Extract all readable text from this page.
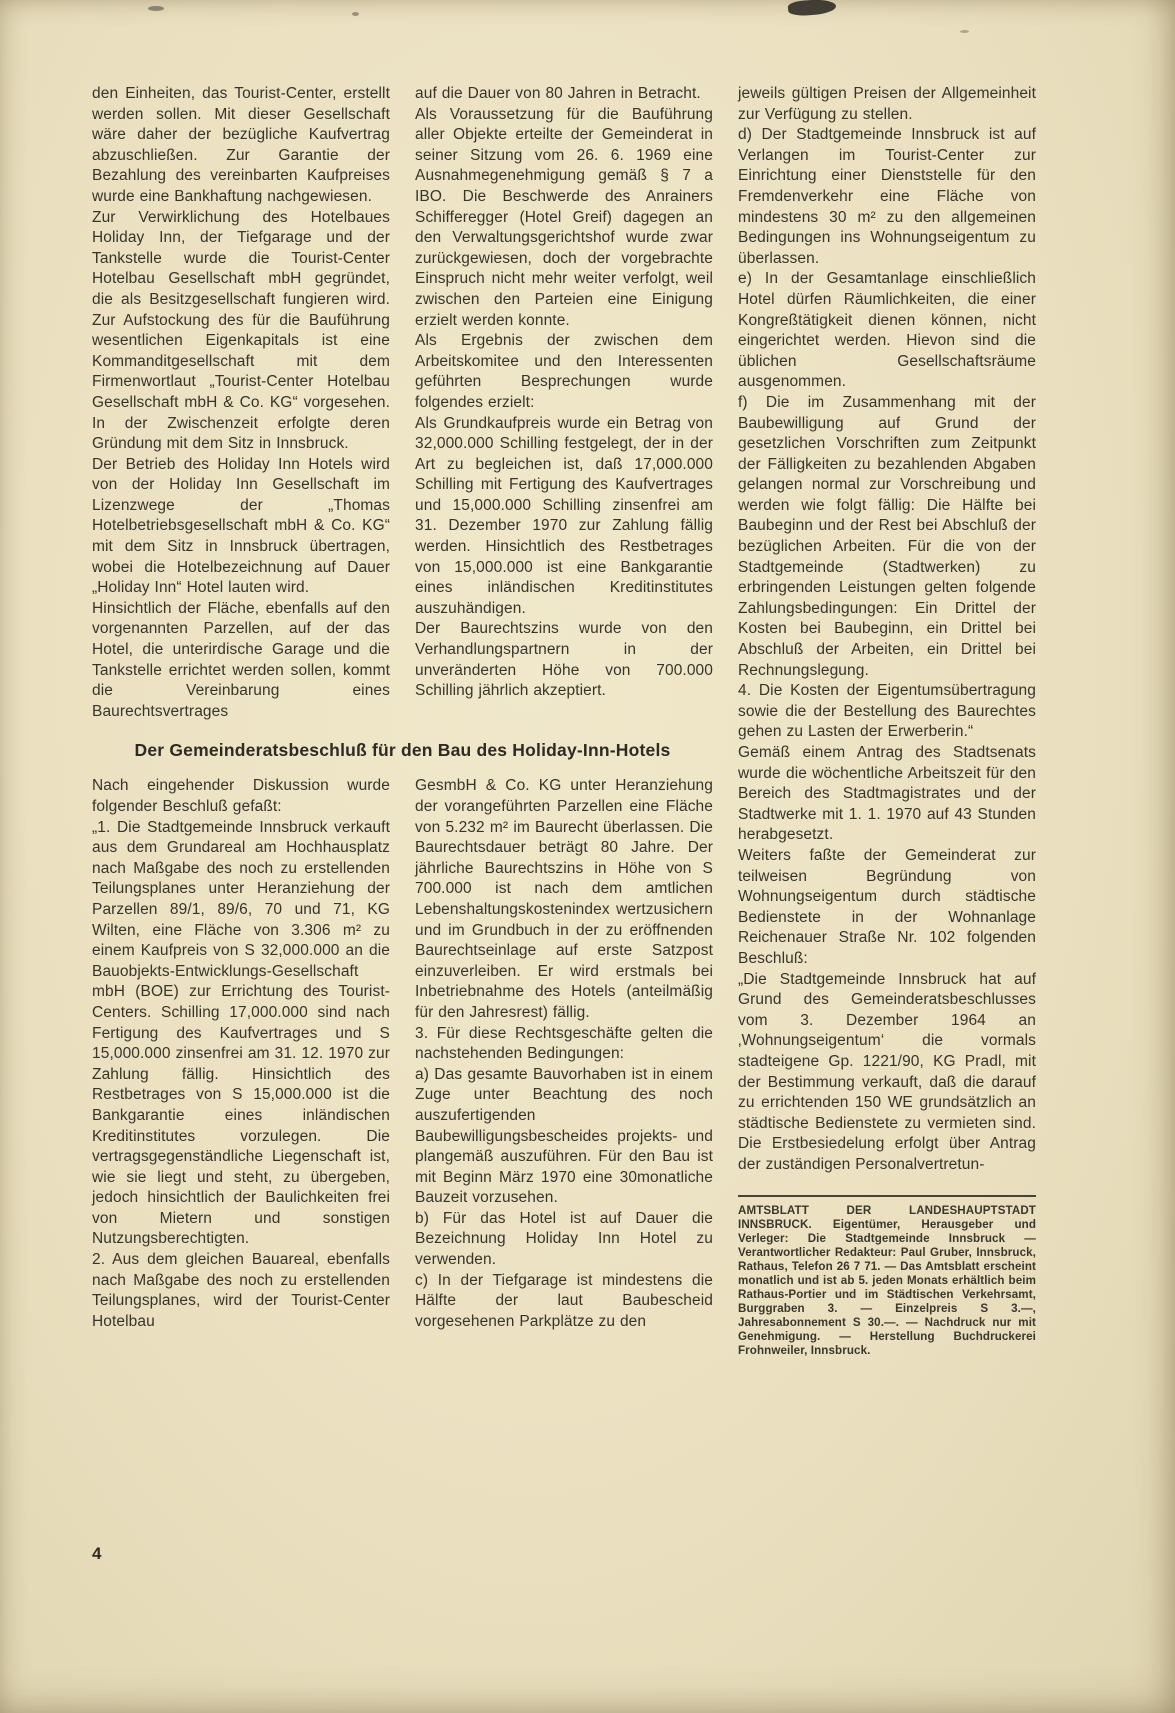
den Einheiten, das Tourist-Center, erstellt werden sollen. Mit dieser Gesellschaft wäre daher der bezügliche Kaufvertrag abzuschließen. Zur Garantie der Bezahlung des vereinbarten Kaufpreises wurde eine Bankhaftung nachgewiesen.

Zur Verwirklichung des Hotelbaues Holiday Inn, der Tiefgarage und der Tankstelle wurde die Tourist-Center Hotelbau Gesellschaft mbH gegründet, die als Besitzgesellschaft fungieren wird. Zur Aufstockung des für die Bauführung wesentlichen Eigenkapitals ist eine Kommanditgesellschaft mit dem Firmenwortlaut „Tourist-Center Hotelbau Gesellschaft mbH & Co. KG“ vorgesehen. In der Zwischenzeit erfolgte deren Gründung mit dem Sitz in Innsbruck.

Der Betrieb des Holiday Inn Hotels wird von der Holiday Inn Gesellschaft im Lizenzwege der „Thomas Hotelbetriebsgesellschaft mbH & Co. KG“ mit dem Sitz in Innsbruck übertragen, wobei die Hotelbezeichnung auf Dauer „Holiday Inn“ Hotel lauten wird.

Hinsichtlich der Fläche, ebenfalls auf den vorgenannten Parzellen, auf der das Hotel, die unterirdische Garage und die Tankstelle errichtet werden sollen, kommt die Vereinbarung eines Baurechtsvertrages

auf die Dauer von 80 Jahren in Betracht.

Als Voraussetzung für die Bauführung aller Objekte erteilte der Gemeinderat in seiner Sitzung vom 26. 6. 1969 eine Ausnahmegenehmigung gemäß § 7 a IBO. Die Beschwerde des Anrainers Schifferegger (Hotel Greif) dagegen an den Verwaltungsgerichtshof wurde zwar zurückgewiesen, doch der vorgebrachte Einspruch nicht mehr weiter verfolgt, weil zwischen den Parteien eine Einigung erzielt werden konnte.

Als Ergebnis der zwischen dem Arbeitskomitee und den Interessenten geführten Besprechungen wurde folgendes erzielt:

Als Grundkaufpreis wurde ein Betrag von 32,000.000 Schilling festgelegt, der in der Art zu begleichen ist, daß 17,000.000 Schilling mit Fertigung des Kaufvertrages und 15,000.000 Schilling zinsenfrei am 31. Dezember 1970 zur Zahlung fällig werden. Hinsichtlich des Restbetrages von 15,000.000 ist eine Bankgarantie eines inländischen Kreditinstitutes auszuhändigen.

Der Baurechtszins wurde von den Verhandlungspartnern in der unveränderten Höhe von 700.000 Schilling jährlich akzeptiert.

Der Gemeinderatsbeschluß für den Bau des Holiday-Inn-Hotels

Nach eingehender Diskussion wurde folgender Beschluß gefaßt:

„1. Die Stadtgemeinde Innsbruck verkauft aus dem Grundareal am Hochhausplatz nach Maßgabe des noch zu erstellenden Teilungsplanes unter Heranziehung der Parzellen 89/1, 89/6, 70 und 71, KG Wilten, eine Fläche von 3.306 m² zu einem Kaufpreis von S 32,000.000 an die Bauobjekts-Entwicklungs-Gesellschaft mbH (BOE) zur Errichtung des Tourist-Centers. Schilling 17,000.000 sind nach Fertigung des Kaufvertrages und S 15,000.000 zinsenfrei am 31. 12. 1970 zur Zahlung fällig. Hinsichtlich des Restbetrages von S 15,000.000 ist die Bankgarantie eines inländischen Kreditinstitutes vorzulegen. Die vertragsgegenständliche Liegenschaft ist, wie sie liegt und steht, zu übergeben, jedoch hinsichtlich der Baulichkeiten frei von Mietern und sonstigen Nutzungsberechtigten.

2. Aus dem gleichen Bauareal, ebenfalls nach Maßgabe des noch zu erstellenden Teilungsplanes, wird der Tourist-Center Hotelbau

GesmbH & Co. KG unter Heranziehung der vorangeführten Parzellen eine Fläche von 5.232 m² im Baurecht überlassen. Die Baurechtsdauer beträgt 80 Jahre. Der jährliche Baurechtszins in Höhe von S 700.000 ist nach dem amtlichen Lebenshaltungskostenindex wertzusichern und im Grundbuch in der zu eröffnenden Baurechtseinlage auf erste Satzpost einzuverleiben. Er wird erstmals bei Inbetriebnahme des Hotels (anteilmäßig für den Jahresrest) fällig.

3. Für diese Rechtsgeschäfte gelten die nachstehenden Bedingungen:

a) Das gesamte Bauvorhaben ist in einem Zuge unter Beachtung des noch auszufertigenden Baubewilligungsbescheides projekts- und plangemäß auszuführen. Für den Bau ist mit Beginn März 1970 eine 30monatliche Bauzeit vorzusehen.

b) Für das Hotel ist auf Dauer die Bezeichnung Holiday Inn Hotel zu verwenden.

c) In der Tiefgarage ist mindestens die Hälfte der laut Baubescheid vorgesehenen Parkplätze zu den

jeweils gültigen Preisen der Allgemeinheit zur Verfügung zu stellen.

d) Der Stadtgemeinde Innsbruck ist auf Verlangen im Tourist-Center zur Einrichtung einer Dienststelle für den Fremdenverkehr eine Fläche von mindestens 30 m² zu den allgemeinen Bedingungen ins Wohnungseigentum zu überlassen.

e) In der Gesamtanlage einschließlich Hotel dürfen Räumlichkeiten, die einer Kongreßtätigkeit dienen können, nicht eingerichtet werden. Hievon sind die üblichen Gesellschaftsräume ausgenommen.

f) Die im Zusammenhang mit der Baubewilligung auf Grund der gesetzlichen Vorschriften zum Zeitpunkt der Fälligkeiten zu bezahlenden Abgaben gelangen normal zur Vorschreibung und werden wie folgt fällig: Die Hälfte bei Baubeginn und der Rest bei Abschluß der bezüglichen Arbeiten. Für die von der Stadtgemeinde (Stadtwerken) zu erbringenden Leistungen gelten folgende Zahlungsbedingungen: Ein Drittel der Kosten bei Baubeginn, ein Drittel bei Abschluß der Arbeiten, ein Drittel bei Rechnungslegung.

4. Die Kosten der Eigentumsübertragung sowie die der Bestellung des Baurechtes gehen zu Lasten der Erwerberin.“

Gemäß einem Antrag des Stadtsenats wurde die wöchentliche Arbeitszeit für den Bereich des Stadtmagistrates und der Stadtwerke mit 1. 1. 1970 auf 43 Stunden herabgesetzt.

Weiters faßte der Gemeinderat zur teilweisen Begründung von Wohnungseigentum durch städtische Bedienstete in der Wohnanlage Reichenauer Straße Nr. 102 folgenden Beschluß:

„Die Stadtgemeinde Innsbruck hat auf Grund des Gemeinderatsbeschlusses vom 3. Dezember 1964 an ‚Wohnungseigentum‘ die vormals stadteigene Gp. 1221/90, KG Pradl, mit der Bestimmung verkauft, daß die darauf zu errichtenden 150 WE grundsätzlich an städtische Bedienstete zu vermieten sind. Die Erstbesiedelung erfolgt über Antrag der zuständigen Personalvertretun-

AMTSBLATT DER LANDESHAUPTSTADT INNSBRUCK. Eigentümer, Herausgeber und Verleger: Die Stadtgemeinde Innsbruck — Verantwortlicher Redakteur: Paul Gruber, Innsbruck, Rathaus, Telefon 26 7 71. — Das Amtsblatt erscheint monatlich und ist ab 5. jeden Monats erhältlich beim Rathaus-Portier und im Städtischen Verkehrsamt, Burggraben 3. — Einzelpreis S 3.—, Jahresabonnement S 30.—. — Nachdruck nur mit Genehmigung. — Herstellung Buchdruckerei Frohnweiler, Innsbruck.

4
